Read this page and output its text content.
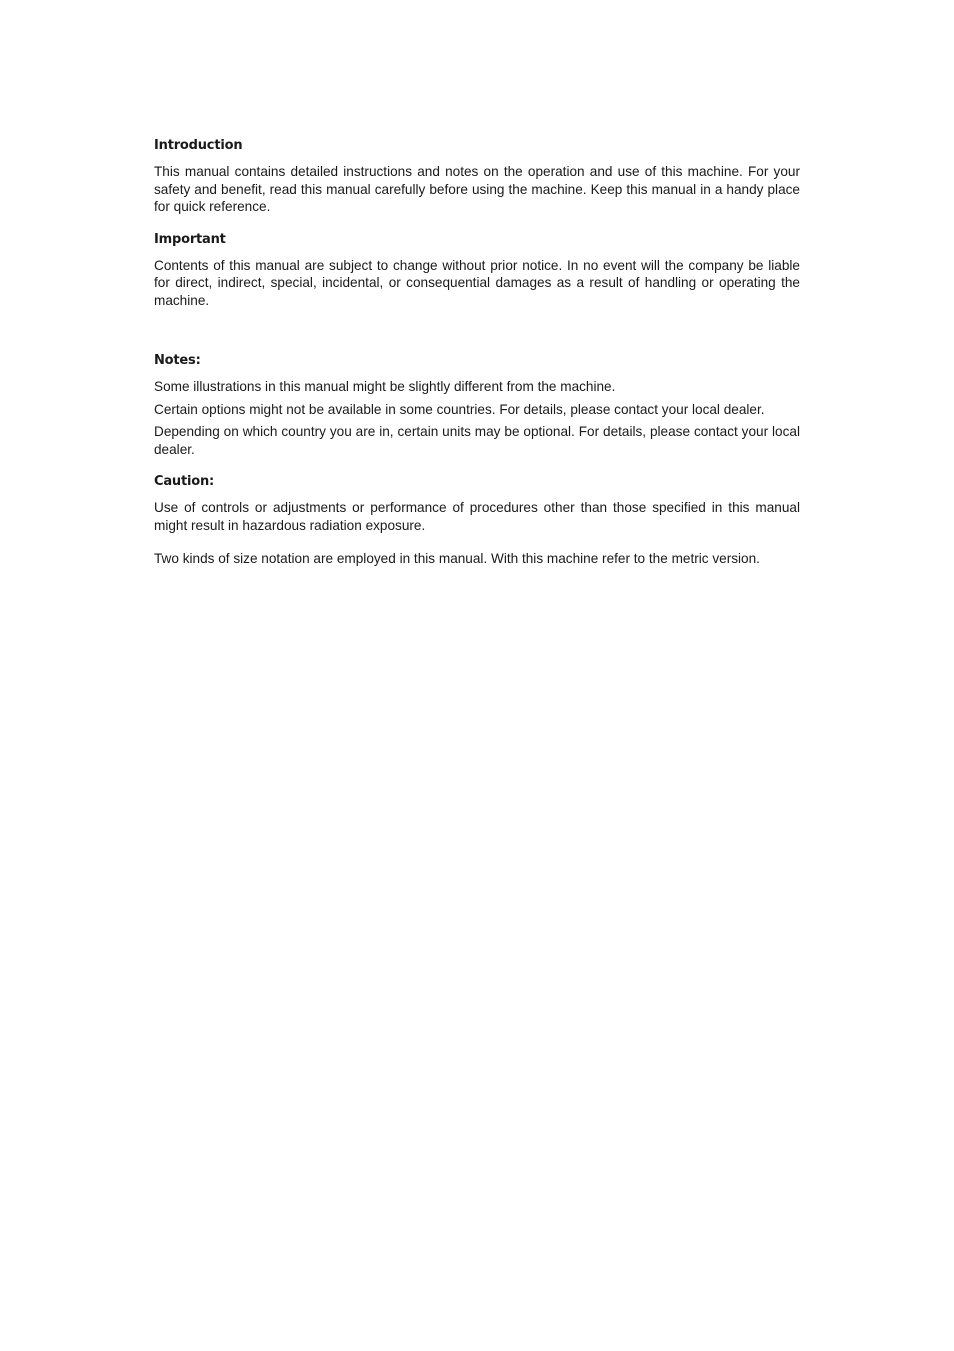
Introduction

This manual contains detailed instructions and notes on the operation and use of this machine. For your safety and benefit, read this manual carefully before using the machine. Keep this manual in a handy place for quick reference.

Important

Contents of this manual are subject to change without prior notice. In no event will the company be liable for direct, indirect, special, incidental, or consequential damages as a result of handling or operating the machine.

Notes:

Some illustrations in this manual might be slightly different from the machine.

Certain options might not be available in some countries. For details, please contact your local dealer.

Depending on which country you are in, certain units may be optional. For details, please contact your local dealer.

Caution:

Use of controls or adjustments or performance of procedures other than those specified in this manual might result in hazardous radiation exposure.

Two kinds of size notation are employed in this manual. With this machine refer to the metric version.
